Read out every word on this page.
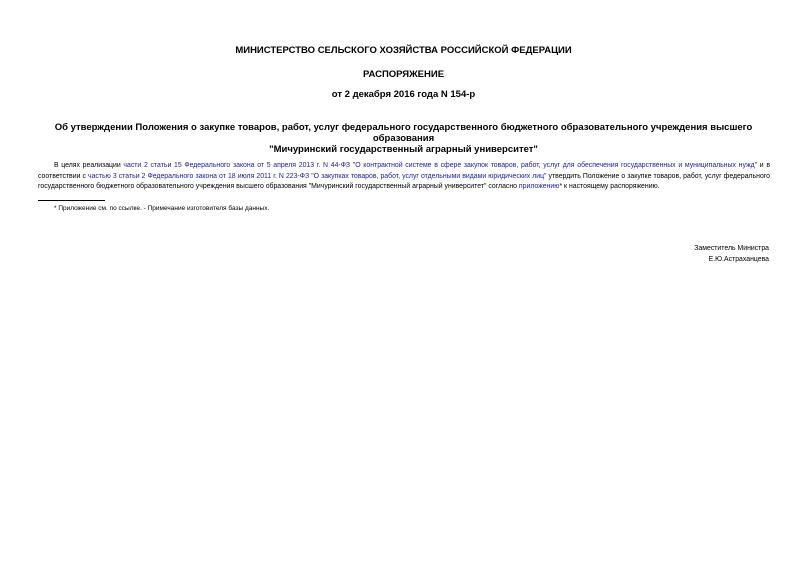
МИНИСТЕРСТВО СЕЛЬСКОГО ХОЗЯЙСТВА РОССИЙСКОЙ ФЕДЕРАЦИИ
РАСПОРЯЖЕНИЕ
от 2 декабря 2016 года N 154-р
Об утверждении Положения о закупке товаров, работ, услуг федерального государственного бюджетного образовательного учреждения высшего образования
"Мичуринский государственный аграрный университет"
В целях реализации части 2 статьи 15 Федерального закона от 5 апреля 2013 г. N 44-ФЗ "О контрактной системе в сфере закупок товаров, работ, услуг для обеспечения государственных и муниципальных нужд" и в соответствии с частью 3 статьи 2 Федерального закона от 18 июля 2011 г. N 223-ФЗ "О закупках товаров, работ, услуг отдельными видами юридических лиц" утвердить Положение о закупке товаров, работ, услуг федерального государственного бюджетного образовательного учреждения высшего образования "Мичуринский государственный аграрный университет" согласно приложению* к настоящему распоряжению.
* Приложение см. по ссылке. - Примечание изготовителя базы данных.
Заместитель Министра
Е.Ю.Астраханцева
